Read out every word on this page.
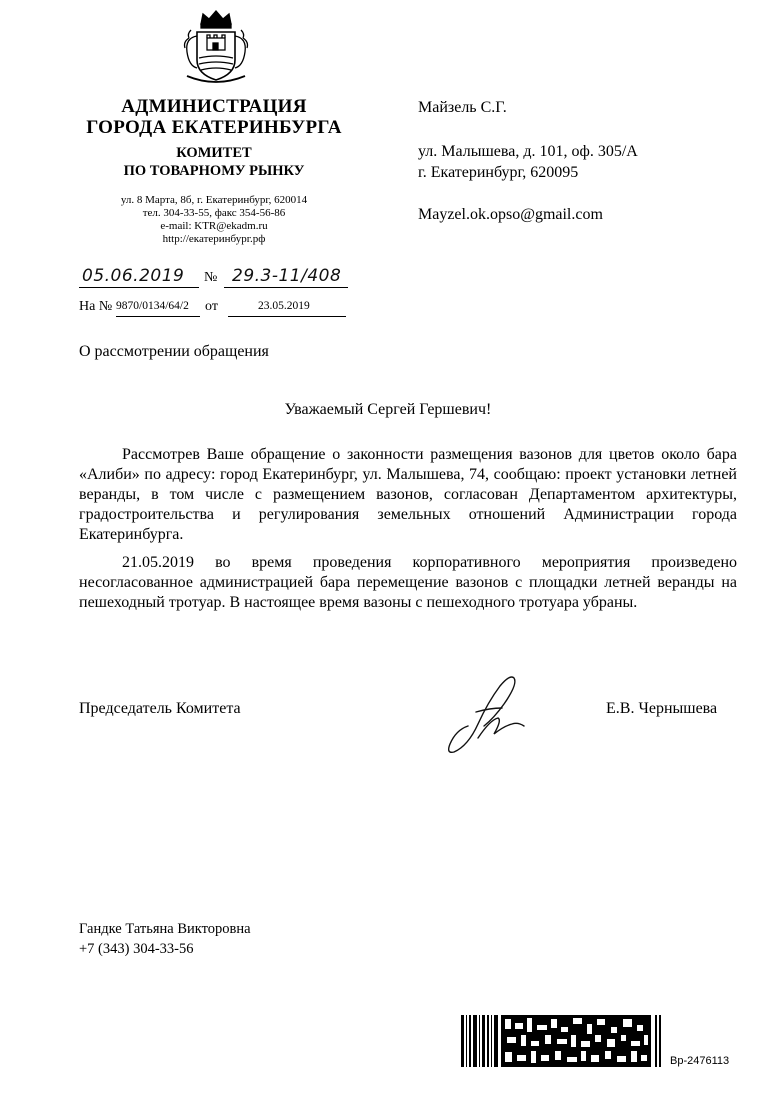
АДМИНИСТРАЦИЯ
ГОРОДА ЕКАТЕРИНБУРГА
КОМИТЕТ
ПО ТОВАРНОМУ РЫНКУ
ул. 8 Марта, 8б, г. Екатеринбург, 620014
тел. 304-33-55, факс 354-56-86
e-mail: KTR@ekadm.ru
http://екатеринбург.рф
05.06.2019 № 29.3-11/408
На № 9870/0134/64/2 от	23.05.2019
Майзель С.Г.
ул. Малышева, д. 101, оф. 305/А
г. Екатеринбург, 620095
Mayzel.ok.opso@gmail.com
О рассмотрении обращения
Уважаемый Сергей Гершевич!
Рассмотрев Ваше обращение о законности размещения вазонов для цветов около бара «Алиби» по адресу: город Екатеринбург, ул. Малышева, 74, сообщаю: проект установки летней веранды, в том числе с размещением вазонов, согласован Департаментом архитектуры, градостроительства и регулирования земельных отношений Администрации города Екатеринбурга.
21.05.2019 во время проведения корпоративного мероприятия произведено несогласованное администрацией бара перемещение вазонов с площадки летней веранды на пешеходный тротуар. В настоящее время вазоны с пешеходного тротуара убраны.
Председатель Комитета	Е.В. Чернышева
Гандке Татьяна Викторовна
+7 (343) 304-33-56
Вр-2476113
